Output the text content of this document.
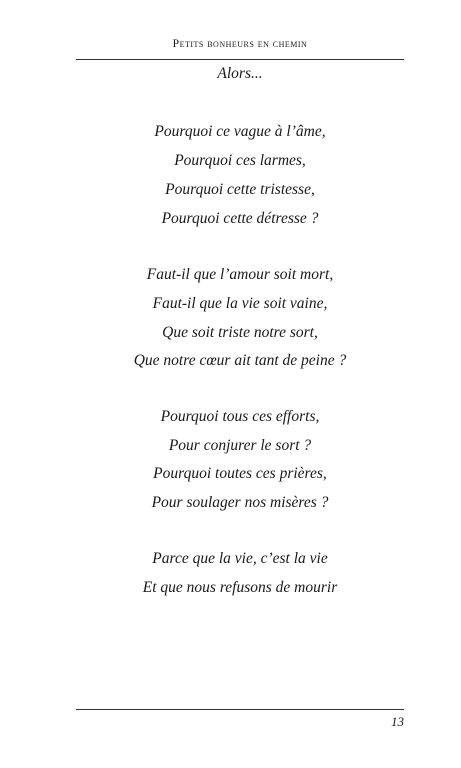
Petits bonheurs en chemin
Alors...
Pourquoi ce vague à l’âme,
Pourquoi ces larmes,
Pourquoi cette tristesse,
Pourquoi cette détresse ?
Faut-il que l’amour soit mort,
Faut-il que la vie soit vaine,
Que soit triste notre sort,
Que notre cœur ait tant de peine ?
Pourquoi tous ces efforts,
Pour conjurer le sort ?
Pourquoi toutes ces prières,
Pour soulager nos misères ?
Parce que la vie, c’est la vie
Et que nous refusons de mourir
13
